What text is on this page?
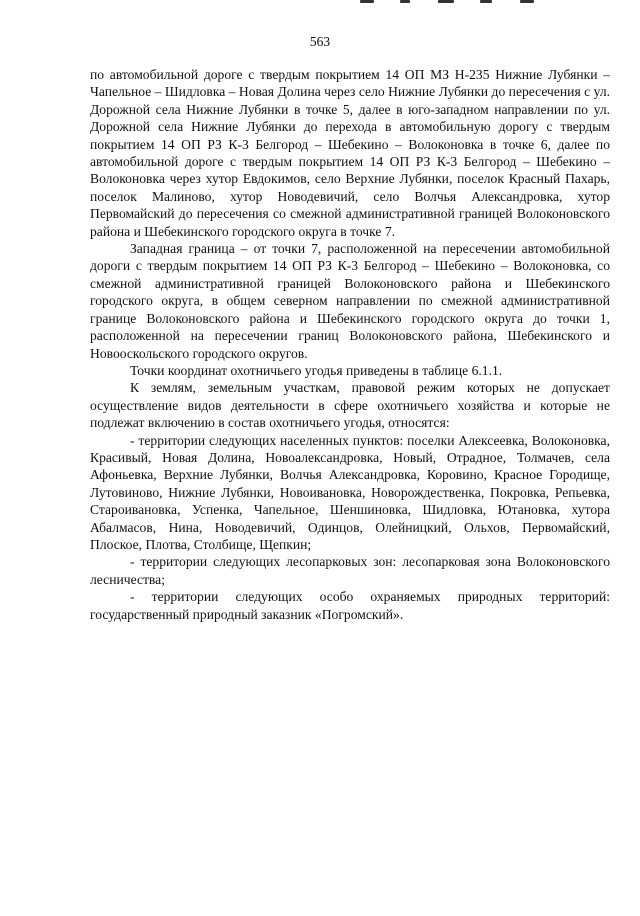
563

по автомобильной дороге с твердым покрытием 14 ОП МЗ Н-235 Нижние Лубянки – Чапельное – Шидловка – Новая Долина через село Нижние Лубянки до пересечения с ул. Дорожной села Нижние Лубянки в точке 5, далее в юго-западном направлении по ул. Дорожной села Нижние Лубянки до перехода в автомобильную дорогу с твердым покрытием 14 ОП РЗ К-3 Белгород – Шебекино – Волоконовка в точке 6, далее по автомобильной дороге с твердым покрытием 14 ОП РЗ К-3 Белгород – Шебекино – Волоконовка через хутор Евдокимов, село Верхние Лубянки, поселок Красный Пахарь, поселок Малиново, хутор Новодевичий, село Волчья Александровка, хутор Первомайский до пересечения со смежной административной границей Волоконовского района и Шебекинского городского округа в точке 7.

Западная граница – от точки 7, расположенной на пересечении автомобильной дороги с твердым покрытием 14 ОП РЗ К-3 Белгород – Шебекино – Волоконовка, со смежной административной границей Волоконовского района и Шебекинского городского округа, в общем северном направлении по смежной административной границе Волоконовского района и Шебекинского городского округа до точки 1, расположенной на пересечении границ Волоконовского района, Шебекинского и Новооскольского городского округов.

Точки координат охотничьего угодья приведены в таблице 6.1.1.

К землям, земельным участкам, правовой режим которых не допускает осуществление видов деятельности в сфере охотничьего хозяйства и которые не подлежат включению в состав охотничьего угодья, относятся:

- территории следующих населенных пунктов: поселки Алексеевка, Волоконовка, Красивый, Новая Долина, Новоалександровка, Новый, Отрадное, Толмачев, села Афоньевка, Верхние Лубянки, Волчья Александровка, Коровино, Красное Городище, Лутовиново, Нижние Лубянки, Новоивановка, Новорождественка, Покровка, Репьевка, Староивановка, Успенка, Чапельное, Шеншиновка, Шидловка, Ютановка, хутора Абалмасов, Нина, Новодевичий, Одинцов, Олейницкий, Ольхов, Первомайский, Плоское, Плотва, Столбище, Щепкин;

- территории следующих лесопарковых зон: лесопарковая зона Волоконовского лесничества;

- территории следующих особо охраняемых природных территорий: государственный природный заказник «Погромский».
